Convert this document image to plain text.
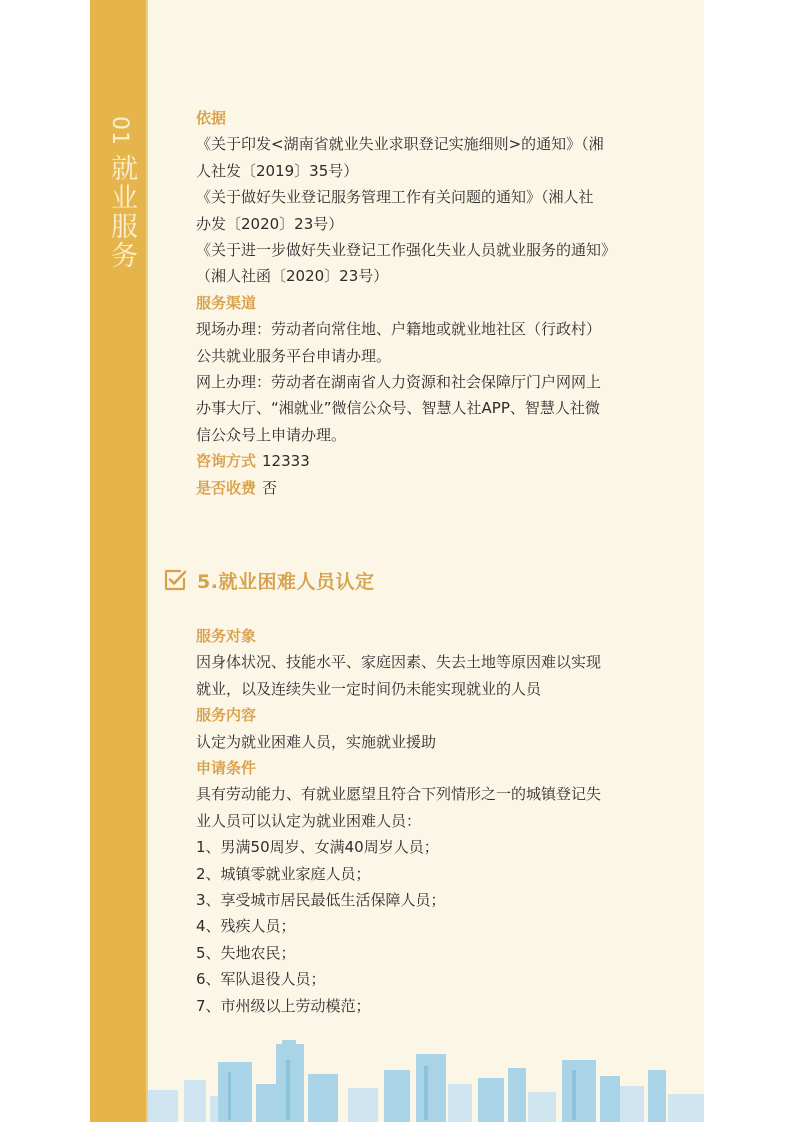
01
就业服务
依据
《关于印发<湖南省就业失业求职登记实施细则>的通知》（湘
人社发〔2019〕35号）
《关于做好失业登记服务管理工作有关问题的通知》（湘人社
办发〔2020〕23号）
《关于进一步做好失业登记工作强化失业人员就业服务的通知》
（湘人社函〔2020〕23号）
服务渠道
现场办理：劳动者向常住地、户籍地或就业地社区（行政村）
公共就业服务平台申请办理。
网上办理：劳动者在湖南省人力资源和社会保障厅门户网网上
办事大厅、“湘就业”微信公众号、智慧人社APP、智慧人社微
信公众号上申请办理。
咨询方式 12333
是否收费 否
5.就业困难人员认定
服务对象
因身体状况、技能水平、家庭因素、失去土地等原因难以实现
就业，以及连续失业一定时间仍未能实现就业的人员
服务内容
认定为就业困难人员，实施就业援助
申请条件
具有劳动能力、有就业愿望且符合下列情形之一的城镇登记失
业人员可以认定为就业困难人员：
1、男满50周岁、女满40周岁人员；
2、城镇零就业家庭人员；
3、享受城市居民最低生活保障人员；
4、残疾人员；
5、失地农民；
6、军队退役人员；
7、市州级以上劳动模范；
